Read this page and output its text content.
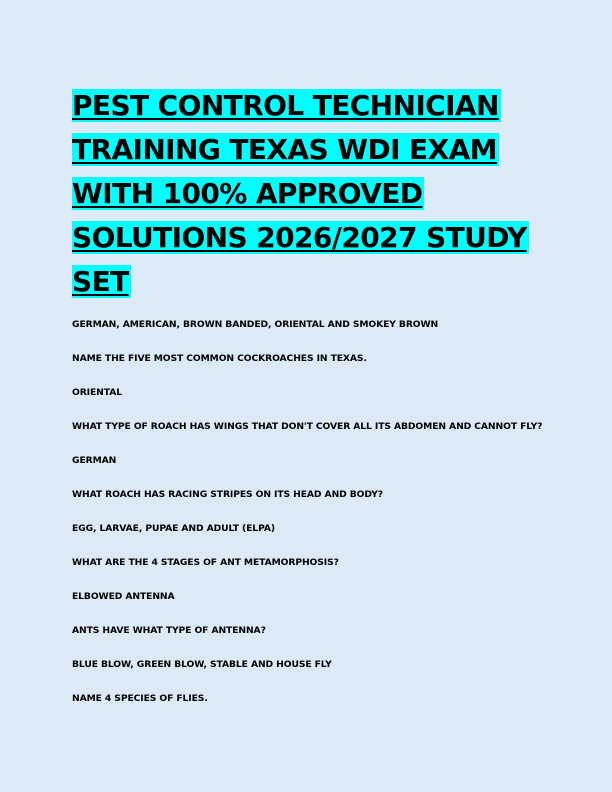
PEST CONTROL TECHNICIAN TRAINING TEXAS WDI EXAM WITH 100% APPROVED SOLUTIONS 2026/2027 STUDY SET
GERMAN, AMERICAN, BROWN BANDED, ORIENTAL AND SMOKEY BROWN
NAME THE FIVE MOST COMMON COCKROACHES IN TEXAS.
ORIENTAL
WHAT TYPE OF ROACH HAS WINGS THAT DON'T COVER ALL ITS ABDOMEN AND CANNOT FLY?
GERMAN
WHAT ROACH HAS RACING STRIPES ON ITS HEAD AND BODY?
EGG, LARVAE, PUPAE AND ADULT (ELPA)
WHAT ARE THE 4 STAGES OF ANT METAMORPHOSIS?
ELBOWED ANTENNA
ANTS HAVE WHAT TYPE OF ANTENNA?
BLUE BLOW, GREEN BLOW, STABLE AND HOUSE FLY
NAME 4 SPECIES OF FLIES.
